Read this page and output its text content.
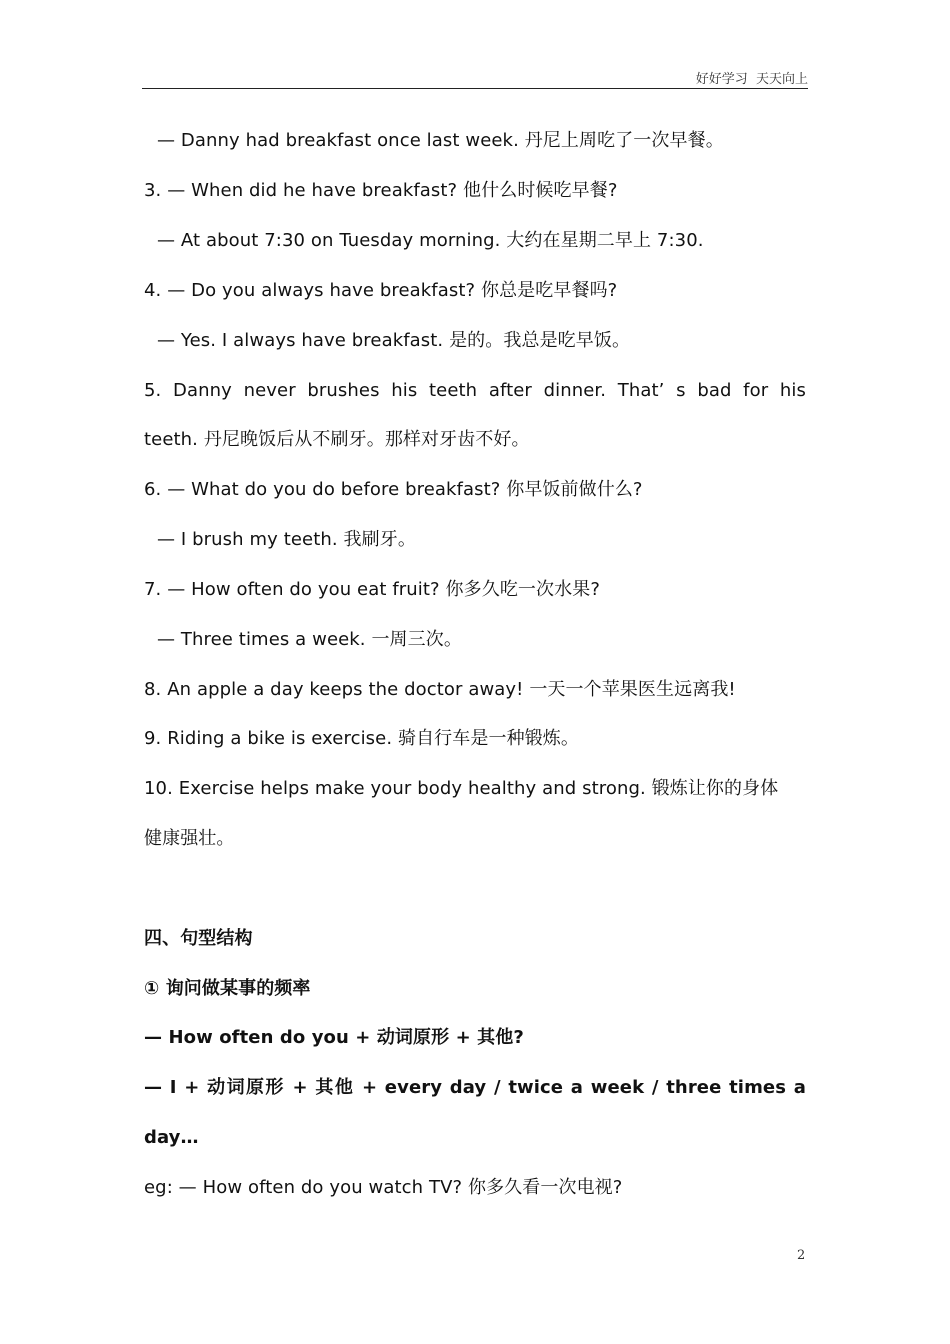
好好学习  天天向上
— Danny had breakfast once last week. 丹尼上周吃了一次早餐。
3. — When did he have breakfast? 他什么时候吃早餐?
— At about 7:30 on Tuesday morning. 大约在星期二早上 7:30.
4. — Do you always have breakfast? 你总是吃早餐吗?
— Yes. I always have breakfast. 是的。我总是吃早饭。
5. Danny never brushes his teeth after dinner. That’ s bad for his
teeth. 丹尼晚饭后从不刷牙。那样对牙齿不好。
6. — What do you do before breakfast? 你早饭前做什么?
— I brush my teeth. 我刷牙。
7. — How often do you eat fruit? 你多久吃一次水果?
— Three times a week. 一周三次。
8. An apple a day keeps the doctor away! 一天一个苹果医生远离我!
9. Riding a bike is exercise. 骑自行车是一种锻炼。
10. Exercise helps make your body healthy and strong. 锻炼让你的身体
健康强壮。
四、句型结构
① 询问做某事的频率
— How often do you + 动词原形 + 其他?
— I + 动词原形 + 其他 + every day / twice a week / three times a
day…
eg: — How often do you watch TV? 你多久看一次电视?
2
